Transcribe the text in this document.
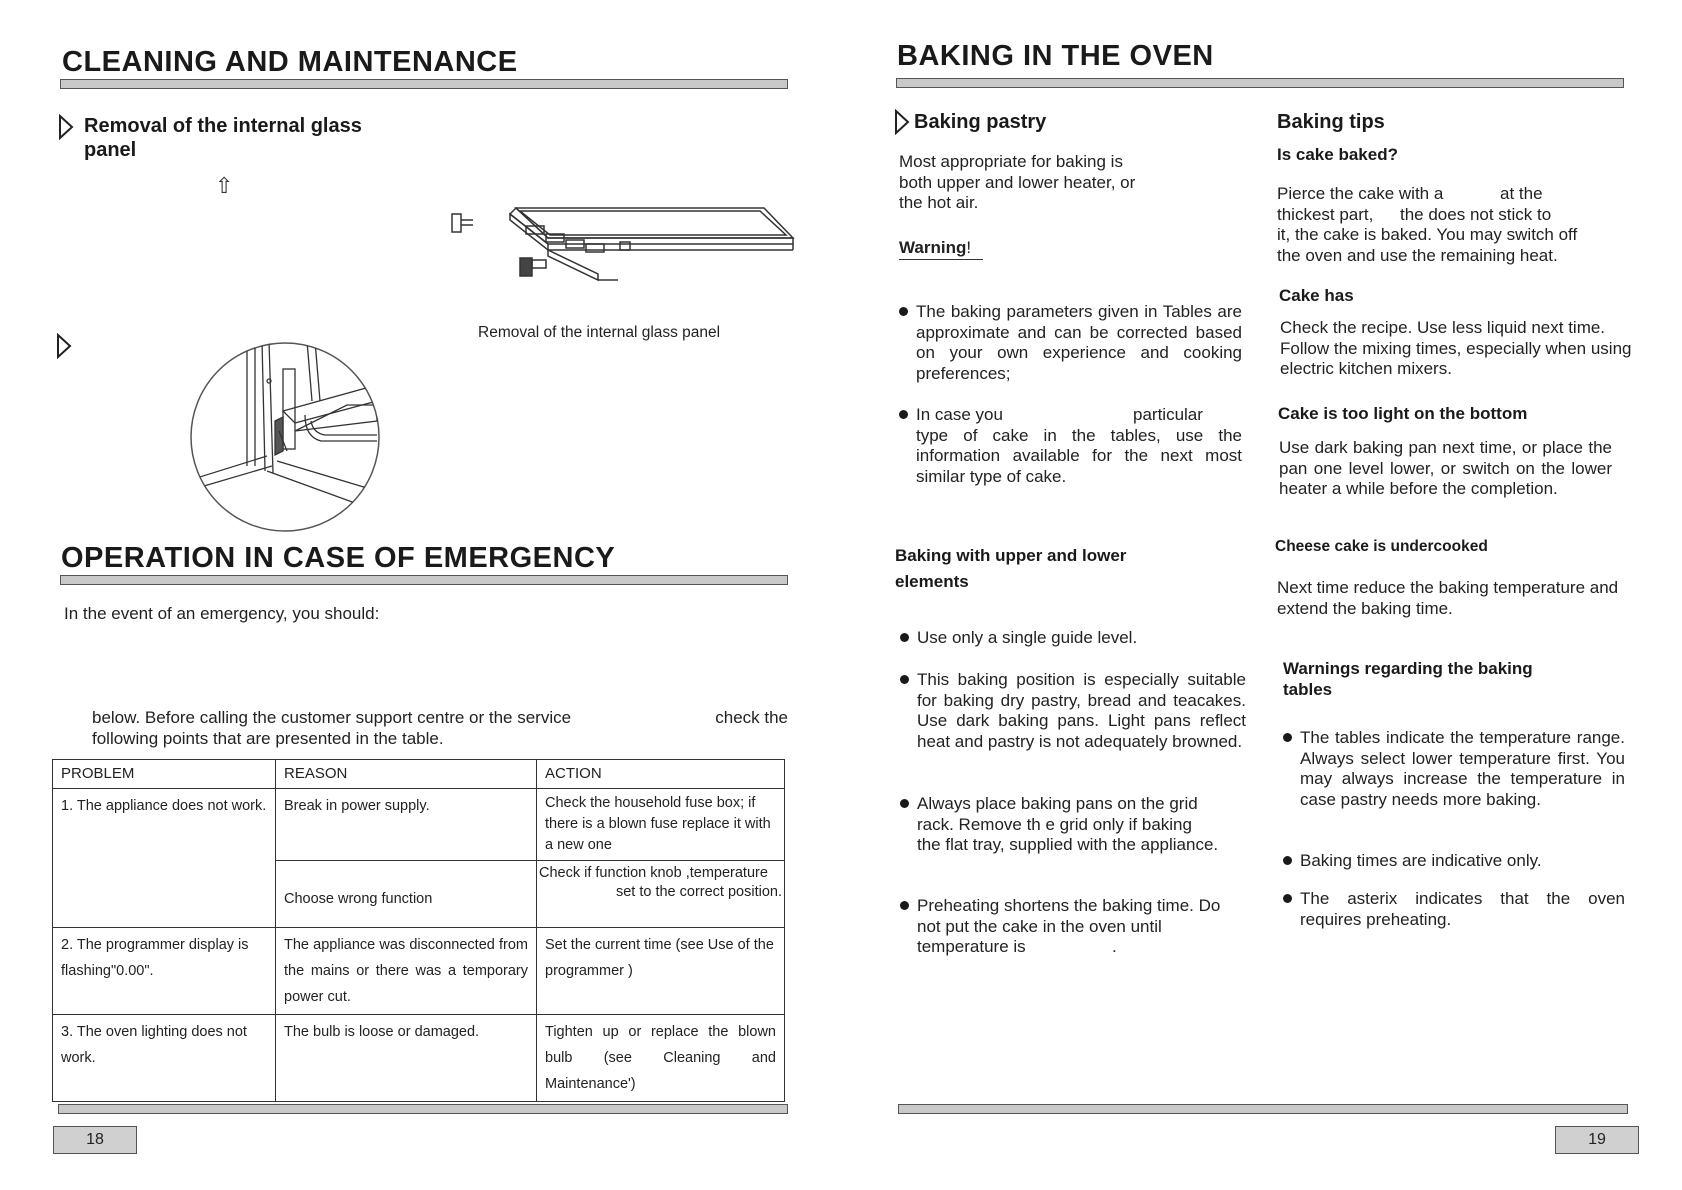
CLEANING AND MAINTENANCE
Removal of the internal glass
panel
⇧
Removal of the internal glass panel
OPERATION IN CASE OF EMERGENCY
In the event of an emergency, you should:
below. Before calling the customer support centre or the service	check the
following points that are presented in the table.
PROBLEM	REASON	ACTION
1. The appliance does not work.	Break in power supply.	Check the household fuse box; if there is a blown fuse replace it with a new one
	Choose wrong function	Check if function knob ,temperature
set to the correct position.

2. The programmer display is flashing"0.00".	The appliance was disconnected from the mains or there was a temporary power cut.	Set the current time (see Use of the programmer )
3. The oven lighting does not work.	The bulb is loose or damaged.	Tighten up or replace the blown bulb (see Cleaning and Maintenance')
18
BAKING IN THE OVEN
Baking pastry
Most appropriate for baking is both upper and lower heater, or the hot air.
Warning!
The baking parameters given in Tables are approximate and can be corrected based on your own experience and cooking preferences;
In case you	particular
type of cake in the tables, use the information available for the next most similar type of cake.
Baking with upper and lower
elements
Use only a single guide level.
This baking position is especially suitable for baking dry pastry, bread and teacakes. Use dark baking pans. Light pans reflect heat and pastry is not adequately browned.
Always place baking pans on the grid
rack. Remove th e grid only if baking
the flat tray, supplied with the appliance.
Preheating shortens the baking time. Do
not put the cake in the oven until
temperature is	.
Baking tips
Is cake baked?
Pierce the cake with a	at the
thickest part, the does not stick to
it, the cake is baked. You may switch off
the oven and use the remaining heat.
Cake has
Check the recipe. Use less liquid next time. Follow the mixing times, especially when using electric kitchen mixers.
Cake is too light on the bottom
Use dark baking pan next time, or place the pan one level lower, or switch on the lower heater a while before the completion.
Cheese cake is undercooked
Next time reduce the baking temperature and extend the baking time.
Warnings regarding the baking tables
The tables indicate the temperature range. Always select lower temperature first. You may always increase the temperature in case pastry needs more baking.
Baking times are indicative only.
The asterix indicates that the oven requires preheating.
19
